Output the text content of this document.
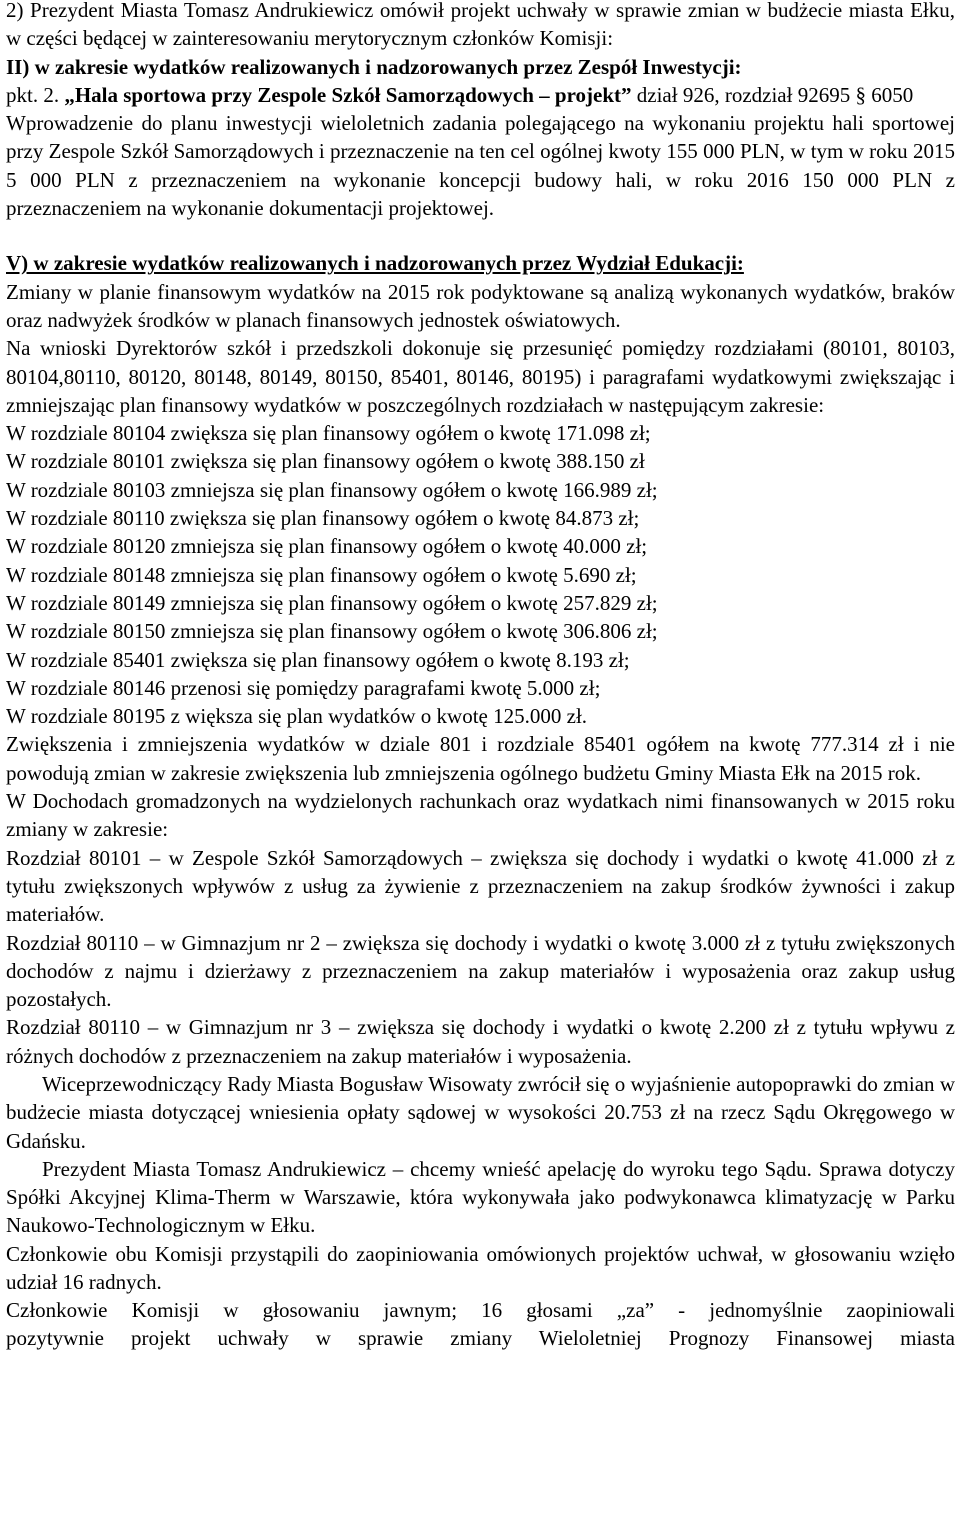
2) Prezydent Miasta Tomasz Andrukiewicz omówił projekt uchwały w sprawie zmian w budżecie miasta Ełku, w części będącej w zainteresowaniu merytorycznym członków Komisji:

II) w zakresie wydatków realizowanych i nadzorowanych przez Zespół Inwestycji:

pkt. 2. „Hala sportowa przy Zespole Szkół Samorządowych – projekt” dział 926, rozdział 92695 § 6050

Wprowadzenie do planu inwestycji wieloletnich zadania polegającego na wykonaniu projektu hali sportowej przy Zespole Szkół Samorządowych i przeznaczenie na ten cel ogólnej kwoty 155 000 PLN, w tym w roku 2015 5 000 PLN z przeznaczeniem na wykonanie koncepcji budowy hali, w roku 2016 150 000 PLN z przeznaczeniem na wykonanie dokumentacji projektowej.

V) w zakresie wydatków realizowanych i nadzorowanych przez Wydział Edukacji:

Zmiany w planie finansowym wydatków na 2015 rok podyktowane są analizą wykonanych wydatków, braków oraz nadwyżek środków w planach finansowych jednostek oświatowych.

Na wnioski Dyrektorów szkół i przedszkoli dokonuje się przesunięć pomiędzy rozdziałami (80101, 80103, 80104,80110, 80120, 80148, 80149, 80150, 85401, 80146, 80195) i paragrafami wydatkowymi zwiększając i zmniejszając plan finansowy wydatków w poszczególnych rozdziałach w następującym zakresie:

W rozdziale 80104 zwiększa się plan finansowy ogółem o kwotę 171.098 zł;

W rozdziale 80101 zwiększa się plan finansowy ogółem o kwotę 388.150 zł

W rozdziale 80103 zmniejsza się plan finansowy ogółem o kwotę 166.989 zł;

W rozdziale 80110 zwiększa się plan finansowy ogółem o kwotę 84.873 zł;

W rozdziale 80120 zmniejsza się plan finansowy ogółem o kwotę 40.000 zł;

W rozdziale 80148 zmniejsza się plan finansowy ogółem o kwotę 5.690 zł;

W rozdziale 80149 zmniejsza się plan finansowy ogółem o kwotę 257.829 zł;

W rozdziale 80150 zmniejsza się plan finansowy ogółem o kwotę 306.806 zł;

W rozdziale 85401 zwiększa się plan finansowy ogółem o kwotę 8.193 zł;

W rozdziale 80146 przenosi się pomiędzy paragrafami kwotę 5.000 zł;

W rozdziale 80195 z większa się plan wydatków o kwotę 125.000 zł.

Zwiększenia i zmniejszenia wydatków w dziale 801 i rozdziale 85401 ogółem na kwotę 777.314 zł i nie powodują zmian w zakresie zwiększenia lub zmniejszenia ogólnego budżetu Gminy Miasta Ełk na 2015 rok.

W Dochodach gromadzonych na wydzielonych rachunkach oraz wydatkach nimi finansowanych w 2015 roku zmiany w zakresie:

Rozdział 80101 – w Zespole Szkół Samorządowych – zwiększa się dochody i wydatki o kwotę 41.000 zł z tytułu zwiększonych wpływów z usług za żywienie z przeznaczeniem na zakup środków żywności i zakup materiałów.

Rozdział 80110 – w Gimnazjum nr 2 – zwiększa się dochody i wydatki o kwotę 3.000 zł z tytułu zwiększonych dochodów z najmu i dzierżawy z przeznaczeniem na zakup materiałów i wyposażenia oraz zakup usług pozostałych.

Rozdział 80110 – w Gimnazjum nr 3 – zwiększa się dochody i wydatki o kwotę 2.200 zł z tytułu wpływu z różnych dochodów z przeznaczeniem na zakup materiałów i wyposażenia.

Wiceprzewodniczący Rady Miasta Bogusław Wisowaty zwrócił się o wyjaśnienie autopoprawki do zmian w budżecie miasta dotyczącej wniesienia opłaty sądowej w wysokości 20.753 zł na rzecz Sądu Okręgowego w Gdańsku.

Prezydent Miasta Tomasz Andrukiewicz – chcemy wnieść apelację do wyroku tego Sądu. Sprawa dotyczy Spółki Akcyjnej Klima-Therm w Warszawie, która wykonywała jako podwykonawca klimatyzację w Parku Naukowo-Technologicznym w Ełku.

Członkowie obu Komisji przystąpili do zaopiniowania omówionych projektów uchwał, w głosowaniu wzięło udział 16 radnych.

Członkowie Komisji w głosowaniu jawnym; 16 głosami „za” - jednomyślnie zaopiniowali

pozytywnie projekt uchwały w sprawie zmiany Wieloletniej Prognozy Finansowej miasta
